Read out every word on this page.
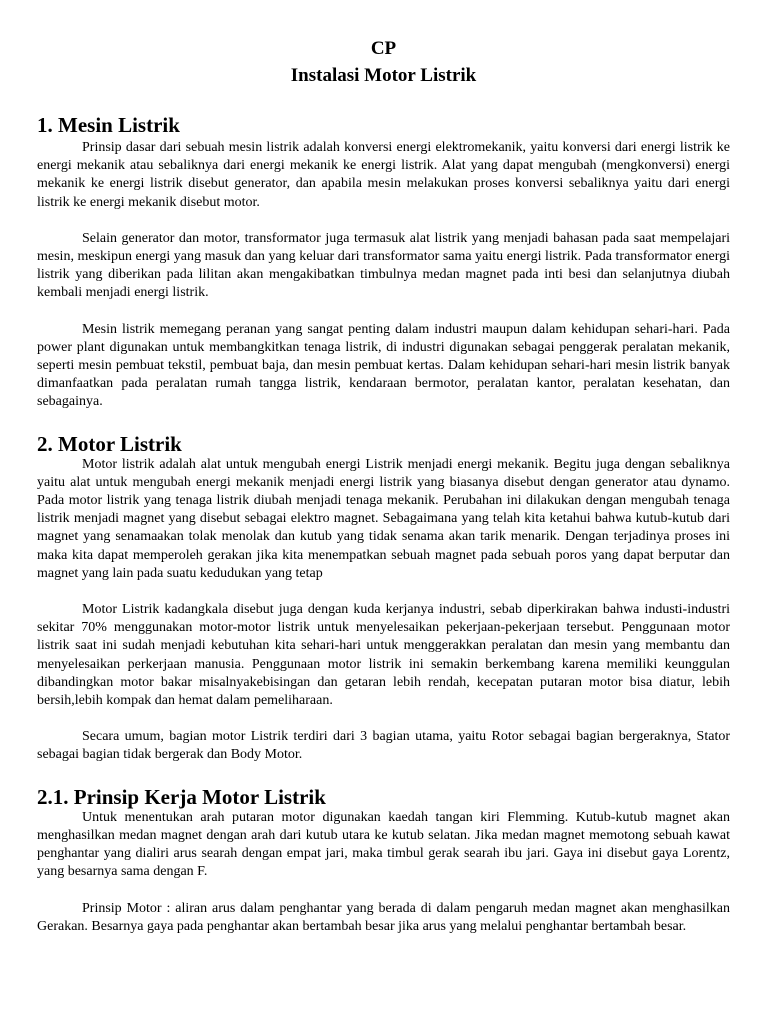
CP
Instalasi Motor Listrik
1. Mesin Listrik

Prinsip dasar dari sebuah mesin listrik adalah konversi energi elektromekanik, yaitu konversi dari energi listrik ke energi mekanik atau sebaliknya dari energi mekanik ke energi listrik. Alat yang dapat mengubah (mengkonversi) energi mekanik ke energi listrik disebut generator, dan apabila mesin melakukan proses konversi sebaliknya yaitu dari energi listrik ke energi mekanik disebut motor.

Selain generator dan motor, transformator juga termasuk alat listrik yang menjadi bahasan pada saat mempelajari mesin, meskipun energi yang masuk dan yang keluar dari transformator sama yaitu energi listrik. Pada transformator energi listrik yang diberikan pada lilitan akan mengakibatkan timbulnya medan magnet pada inti besi dan selanjutnya diubah kembali menjadi energi listrik.

Mesin listrik memegang peranan yang sangat penting dalam industri maupun dalam kehidupan sehari-hari. Pada power plant digunakan untuk membangkitkan tenaga listrik, di industri digunakan sebagai penggerak peralatan mekanik, seperti mesin pembuat tekstil, pembuat baja, dan mesin pembuat kertas. Dalam kehidupan sehari-hari mesin listrik banyak dimanfaatkan pada peralatan rumah tangga listrik, kendaraan bermotor, peralatan kantor, peralatan kesehatan, dan sebagainya.

2. Motor Listrik

Motor listrik adalah alat untuk mengubah energi Listrik menjadi energi mekanik. Begitu juga dengan sebaliknya yaitu alat untuk mengubah energi mekanik menjadi energi listrik yang biasanya disebut dengan generator atau dynamo. Pada motor listrik yang tenaga listrik diubah menjadi tenaga mekanik. Perubahan ini dilakukan dengan mengubah tenaga listrik menjadi magnet yang disebut sebagai elektro magnet. Sebagaimana yang telah kita ketahui bahwa kutub-kutub dari magnet yang senamaakan tolak menolak dan kutub yang tidak senama akan tarik menarik. Dengan terjadinya proses ini maka kita dapat memperoleh gerakan jika kita menempatkan sebuah magnet pada sebuah poros yang dapat berputar dan magnet yang lain pada suatu kedudukan yang tetap

Motor Listrik kadangkala disebut juga dengan kuda kerjanya industri, sebab diperkirakan bahwa industi-industri sekitar 70% menggunakan motor-motor listrik untuk menyelesaikan pekerjaan-pekerjaan tersebut. Penggunaan motor listrik saat ini sudah menjadi kebutuhan kita sehari-hari untuk menggerakkan peralatan dan mesin yang membantu dan menyelesaikan perkerjaan manusia. Penggunaan motor listrik ini semakin berkembang karena memiliki keunggulan dibandingkan motor bakar misalnyakebisingan dan getaran lebih rendah, kecepatan putaran motor bisa diatur, lebih bersih,lebih kompak dan hemat dalam pemeliharaan.

Secara umum, bagian motor Listrik terdiri dari 3 bagian utama, yaitu Rotor sebagai bagian bergeraknya, Stator sebagai bagian tidak bergerak dan Body Motor.

2.1. Prinsip Kerja Motor Listrik

Untuk menentukan arah putaran motor digunakan kaedah tangan kiri Flemming. Kutub-kutub magnet akan menghasilkan medan magnet dengan arah dari kutub utara ke kutub selatan. Jika medan magnet memotong sebuah kawat penghantar yang dialiri arus searah dengan empat jari, maka timbul gerak searah ibu jari. Gaya ini disebut gaya Lorentz, yang besarnya sama dengan F.

Prinsip Motor : aliran arus dalam penghantar yang berada di dalam pengaruh medan magnet akan menghasilkan Gerakan. Besarnya gaya pada penghantar akan bertambah besar jika arus yang melalui penghantar bertambah besar.
